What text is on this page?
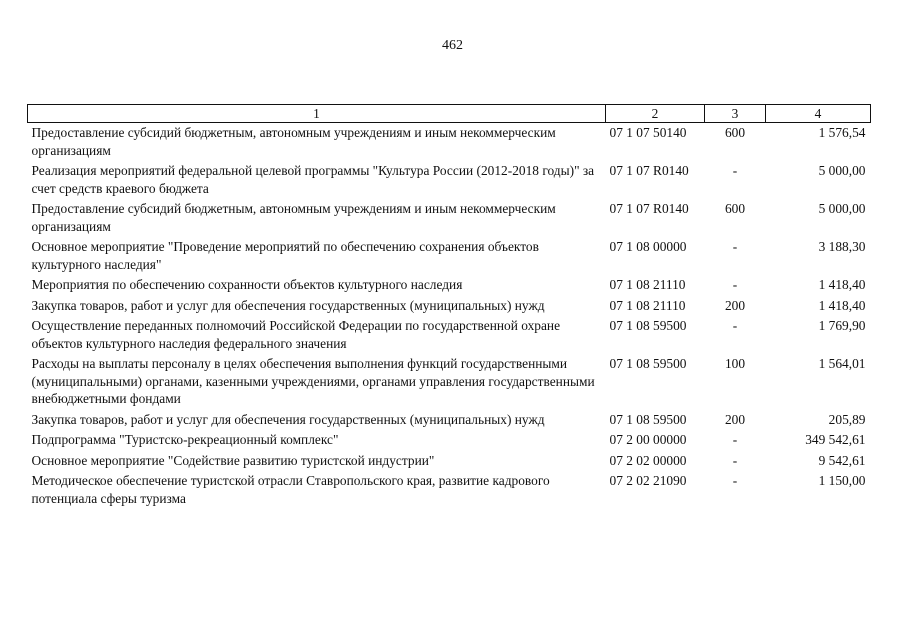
462
1	2	3	4
Предоставление субсидий бюджетным, автономным учреждениям и иным некоммерческим организациям	07 1 07 50140	600	1 576,54
Реализация мероприятий федеральной целевой программы "Культура России (2012-2018 годы)" за счет средств краевого бюджета	07 1 07 R0140	-	5 000,00
Предоставление субсидий бюджетным, автономным учреждениям и иным некоммерческим организациям	07 1 07 R0140	600	5 000,00
Основное мероприятие "Проведение мероприятий по обеспечению сохранения объектов культурного наследия"	07 1 08 00000	-	3 188,30
Мероприятия по обеспечению сохранности объектов культурного наследия	07 1 08 21110	-	1 418,40
Закупка товаров, работ и услуг для обеспечения государственных (муниципальных) нужд	07 1 08 21110	200	1 418,40
Осуществление переданных полномочий Российской Федерации по государственной охране объектов культурного наследия федерального значения	07 1 08 59500	-	1 769,90
Расходы на выплаты персоналу в целях обеспечения выполнения функций государственными (муниципальными) органами, казенными учреждениями, органами управления государственными внебюджетными фондами	07 1 08 59500	100	1 564,01
Закупка товаров, работ и услуг для обеспечения государственных (муниципальных) нужд	07 1 08 59500	200	205,89
Подпрограмма "Туристско-рекреационный комплекс"	07 2 00 00000	-	349 542,61
Основное мероприятие "Содействие развитию туристской индустрии"	07 2 02 00000	-	9 542,61
Методическое обеспечение туристской отрасли Ставропольского края, развитие кадрового потенциала сферы туризма	07 2 02 21090	-	1 150,00
